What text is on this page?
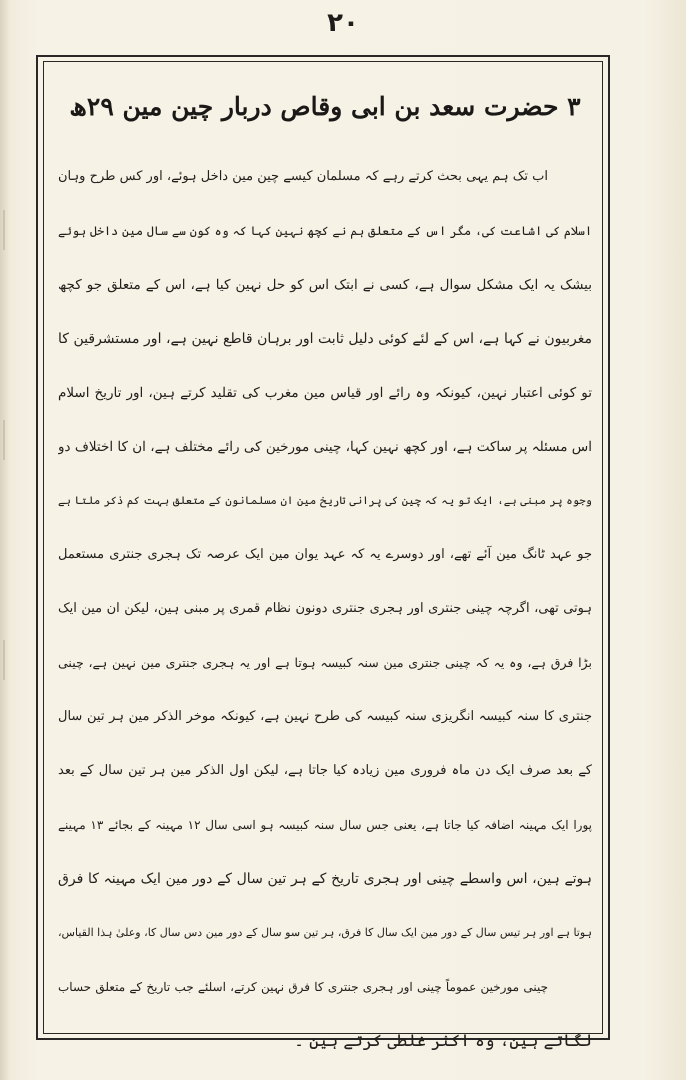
٢٠
۳ حضرت سعد بن ابی وقاص دربار چین مین ۲۹ھ
اب تک ہم یہی بحث کرتے رہے کہ مسلمان کیسے چین مین داخل ہوئے، اور کس طرح وہان
اسلام کی اشاعت کی، مگر اس کے متعلق ہم نے کچھ نہین کہا کہ وہ کون سے سال مین داخل ہوئے
بیشک یہ ایک مشکل سوال ہے، کسی نے ابتک اس کو حل نہین کیا ہے، اس کے متعلق جو کچھ
مغربیون نے کہا ہے، اس کے لئے کوئی دلیل ثابت اور برہان قاطع نہین ہے، اور مستشرقین کا
تو کوئی اعتبار نہین، کیونکہ وہ رائے اور قیاس مین مغرب کی تقلید کرتے ہین، اور تاریخ اسلام
اس مسئلہ پر ساکت ہے، اور کچھ نہین کہا، چینی مورخین کی رائے مختلف ہے، ان کا اختلاف دو
وجوہ پر مبنی ہے، ایک تو یہ کہ چین کی پرانی تاریخ مین ان مسلمانون کے متعلق بہت کم ذکر ملتا ہے
جو عہد ٹانگ مین آئے تھے، اور دوسرے یہ کہ عہد یوان مین ایک عرصہ تک ہجری جنتری مستعمل
ہوتی تھی، اگرچہ چینی جنتری اور ہجری جنتری دونون نظام قمری پر مبنی ہین، لیکن ان مین ایک
بڑا فرق ہے، وہ یہ کہ چینی جنتری مین سنہ کبیسہ ہوتا ہے اور یہ ہجری جنتری مین نہین ہے، چینی
جنتری کا سنہ کبیسہ انگریزی سنہ کبیسہ کی طرح نہین ہے، کیونکہ موخر الذکر مین ہر تین سال
کے بعد صرف ایک دن ماہ فروری مین زیادہ کیا جاتا ہے، لیکن اول الذکر مین ہر تین سال کے بعد
پورا ایک مہینہ اضافہ کیا جاتا ہے، یعنی جس سال سنہ کبیسہ ہو اسی سال ۱۲ مہینہ کے بجائے ۱۳ مہینے
ہوتے ہین، اس واسطے چینی اور ہجری تاریخ کے ہر تین سال کے دور مین ایک مہینہ کا فرق
ہوتا ہے اور ہر تیس سال کے دور مین ایک سال کا فرق، ہر تین سو سال کے دور مین دس سال کا، وعلیٰ ہذا القیاس،
چینی مورخین عموماً چینی اور ہجری جنتری کا فرق نہین کرتے، اسلئے جب تاریخ کے متعلق حساب
لگاتے ہین، وہ اکثر غلطی کرتے ہین ۔
